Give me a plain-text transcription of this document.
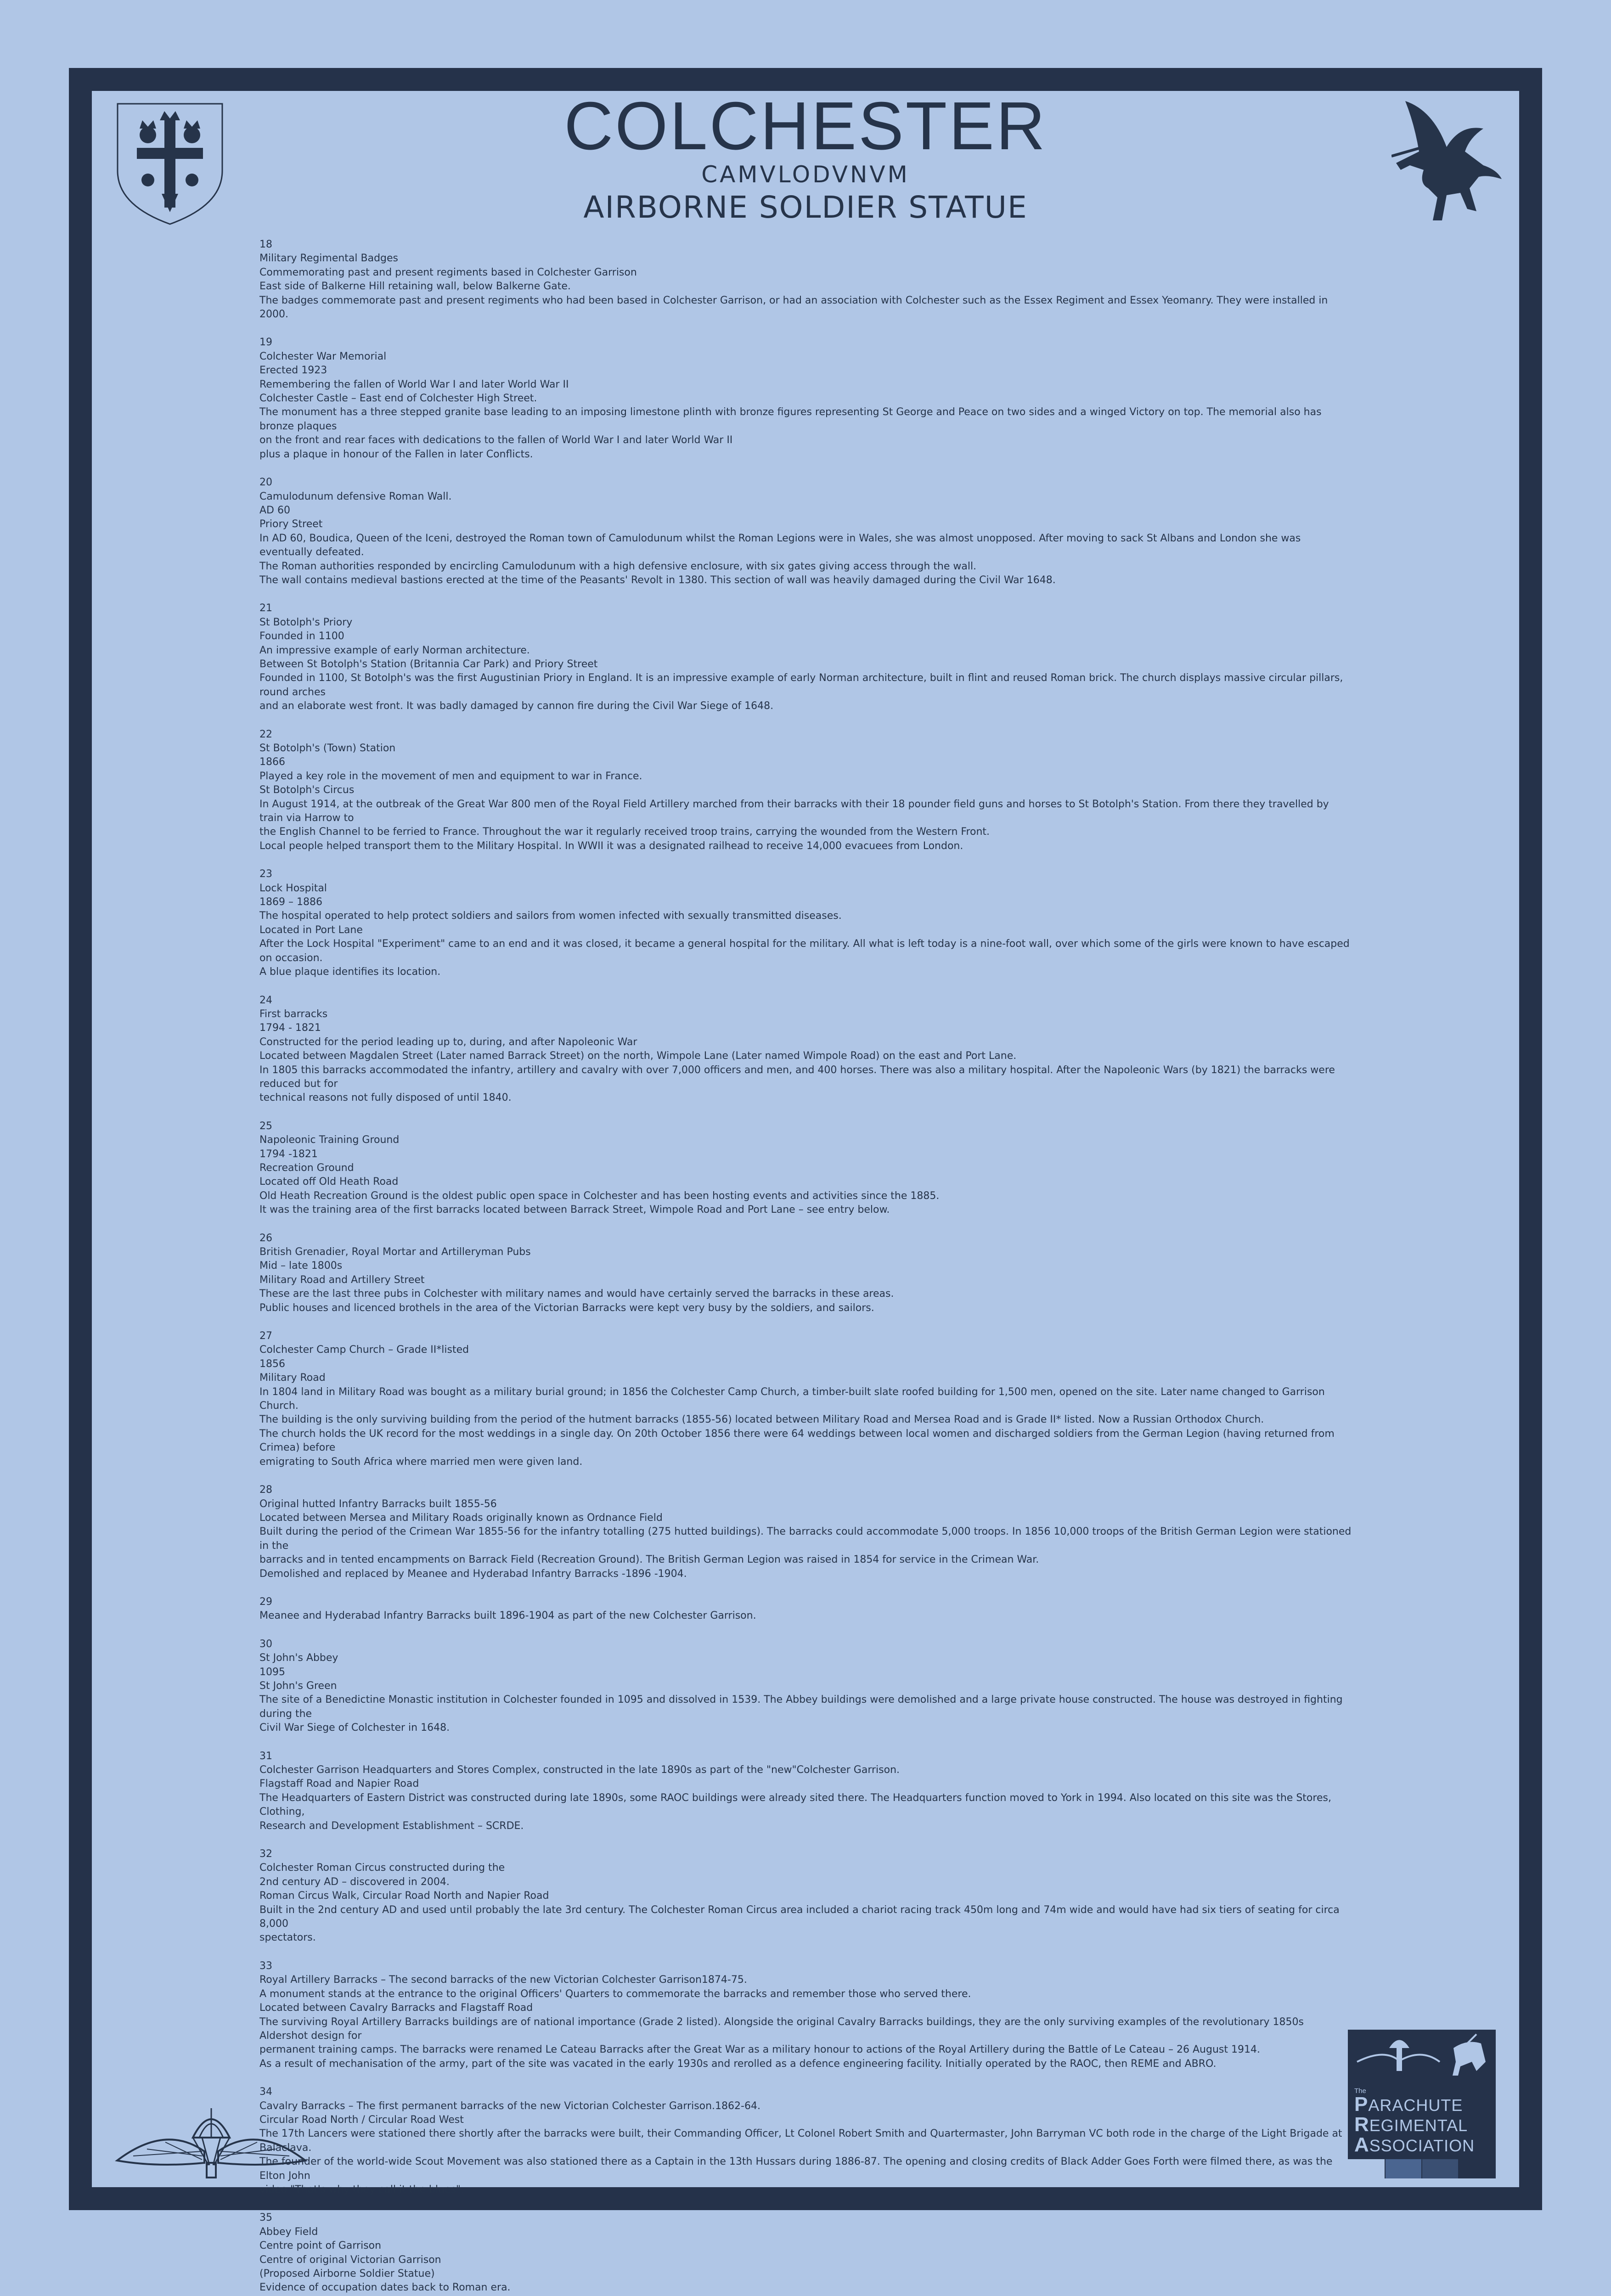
COLCHESTER
CAMVLODVNVM
AIRBORNE SOLDIER STATUE
18
Military Regimental Badges
Commemorating past and present regiments based in Colchester Garrison
East side of Balkerne Hill retaining wall, below Balkerne Gate.
The badges commemorate past and present regiments who had been based in Colchester Garrison, or had an association with Colchester such as the Essex Regiment and Essex Yeomanry. They were installed in 2000.
19
Colchester War Memorial
Erected 1923
Remembering the fallen of World War I and later World War II
Colchester Castle – East end of Colchester High Street.
The monument has a three stepped granite base leading to an imposing limestone plinth with bronze figures representing St George and Peace on two sides and a winged Victory on top. The memorial also has bronze plaques
on the front and rear faces with dedications to the fallen of World War I and later World War II
plus a plaque in honour of the Fallen in later Conflicts.
20
Camulodunum defensive Roman Wall.
AD 60
Priory Street
In AD 60, Boudica, Queen of the Iceni, destroyed the Roman town of Camulodunum whilst the Roman Legions were in Wales, she was almost unopposed. After moving to sack St Albans and London she was eventually defeated.
The Roman authorities responded by encircling Camulodunum with a high defensive enclosure, with six gates giving access through the wall.
The wall contains medieval bastions erected at the time of the Peasants' Revolt in 1380. This section of wall was heavily damaged during the Civil War 1648.
21
St Botolph's Priory
Founded in 1100
An impressive example of early Norman architecture.
Between St Botolph's Station (Britannia Car Park) and Priory Street
Founded in 1100, St Botolph's was the first Augustinian Priory in England. It is an impressive example of early Norman architecture, built in flint and reused Roman brick. The church displays massive circular pillars, round arches
and an elaborate west front. It was badly damaged by cannon fire during the Civil War Siege of 1648.
22
St Botolph's (Town) Station
1866
Played a key role in the movement of men and equipment to war in France.
St Botolph's Circus
In August 1914, at the outbreak of the Great War 800 men of the Royal Field Artillery marched from their barracks with their 18 pounder field guns and horses to St Botolph's Station. From there they travelled by train via Harrow to
the English Channel to be ferried to France. Throughout the war it regularly received troop trains, carrying the wounded from the Western Front.
Local people helped transport them to the Military Hospital. In WWII it was a designated railhead to receive 14,000 evacuees from London.
23
Lock Hospital
1869 – 1886
The hospital operated to help protect soldiers and sailors from women infected with sexually transmitted diseases.
Located in Port Lane
After the Lock Hospital "Experiment" came to an end and it was closed, it became a general hospital for the military. All what is left today is a nine-foot wall, over which some of the girls were known to have escaped on occasion.
A blue plaque identifies its location.
24
First barracks
1794 - 1821
Constructed for the period leading up to, during, and after Napoleonic War
Located between Magdalen Street (Later named Barrack Street) on the north, Wimpole Lane (Later named Wimpole Road) on the east and Port Lane.
In 1805 this barracks accommodated the infantry, artillery and cavalry with over 7,000 officers and men, and 400 horses. There was also a military hospital. After the Napoleonic Wars (by 1821) the barracks were reduced but for
technical reasons not fully disposed of until 1840.
25
Napoleonic Training Ground
1794 -1821
Recreation Ground
Located off Old Heath Road
Old Heath Recreation Ground is the oldest public open space in Colchester and has been hosting events and activities since the 1885.
It was the training area of the first barracks located between Barrack Street, Wimpole Road and Port Lane – see entry below.
26
British Grenadier, Royal Mortar and Artilleryman Pubs
Mid – late 1800s
Military Road and Artillery Street
These are the last three pubs in Colchester with military names and would have certainly served the barracks in these areas.
Public houses and licenced brothels in the area of the Victorian Barracks were kept very busy by the soldiers, and sailors.
27
Colchester Camp Church – Grade II*listed
1856
Military Road
In 1804 land in Military Road was bought as a military burial ground; in 1856 the Colchester Camp Church, a timber-built slate roofed building for 1,500 men, opened on the site. Later name changed to Garrison Church.
The building is the only surviving building from the period of the hutment barracks (1855-56) located between Military Road and Mersea Road and is Grade II* listed. Now a Russian Orthodox Church.
The church holds the UK record for the most weddings in a single day. On 20th October 1856 there were 64 weddings between local women and discharged soldiers from the German Legion (having returned from Crimea) before
emigrating to South Africa where married men were given land.
28
Original hutted Infantry Barracks built 1855-56
Located between Mersea and Military Roads originally known as Ordnance Field
Built during the period of the Crimean War 1855-56 for the infantry totalling (275 hutted buildings). The barracks could accommodate 5,000 troops. In 1856 10,000 troops of the British German Legion were stationed in the
barracks and in tented encampments on Barrack Field (Recreation Ground). The British German Legion was raised in 1854 for service in the Crimean War.
Demolished and replaced by Meanee and Hyderabad Infantry Barracks -1896 -1904.
29
Meanee and Hyderabad Infantry Barracks built 1896-1904 as part of the new Colchester Garrison.
30
St John's Abbey
1095
St John's Green
The site of a Benedictine Monastic institution in Colchester founded in 1095 and dissolved in 1539. The Abbey buildings were demolished and a large private house constructed. The house was destroyed in fighting during the
Civil War Siege of Colchester in 1648.
31
Colchester Garrison Headquarters and Stores Complex, constructed in the late 1890s as part of the "new"Colchester Garrison.
Flagstaff Road and Napier Road
The Headquarters of Eastern District was constructed during late 1890s, some RAOC buildings were already sited there. The Headquarters function moved to York in 1994. Also located on this site was the Stores, Clothing,
Research and Development Establishment – SCRDE.
32
Colchester Roman Circus constructed during the
2nd century AD – discovered in 2004.
Roman Circus Walk, Circular Road North and Napier Road
Built in the 2nd century AD and used until probably the late 3rd century. The Colchester Roman Circus area included a chariot racing track 450m long and 74m wide and would have had six tiers of seating for circa 8,000
spectators.
33
Royal Artillery Barracks – The second barracks of the new Victorian Colchester Garrison1874-75.
A monument stands at the entrance to the original Officers' Quarters to commemorate the barracks and remember those who served there.
Located between Cavalry Barracks and Flagstaff Road
The surviving Royal Artillery Barracks buildings are of national importance (Grade 2 listed). Alongside the original Cavalry Barracks buildings, they are the only surviving examples of the revolutionary 1850s Aldershot design for
permanent training camps. The barracks were renamed Le Cateau Barracks after the Great War as a military honour to actions of the Royal Artillery during the Battle of Le Cateau – 26 August 1914.
As a result of mechanisation of the army, part of the site was vacated in the early 1930s and rerolled as a defence engineering facility. Initially operated by the RAOC, then REME and ABRO.
34
Cavalry Barracks – The first permanent barracks of the new Victorian Colchester Garrison.1862-64.
Circular Road North / Circular Road West
The 17th Lancers were stationed there shortly after the barracks were built, their Commanding Officer, Lt Colonel Robert Smith and Quartermaster, John Barryman VC both rode in the charge of the Light Brigade at Balaclava.
The founder of the world-wide Scout Movement was also stationed there as a Captain in the 13th Hussars during 1886-87. The opening and closing credits of Black Adder Goes Forth were filmed there, as was the Elton John
video "That's why they call it the blues".
35
Abbey Field
Centre point of Garrison
Centre of original Victorian Garrison
(Proposed Airborne Soldier Statue)
Evidence of occupation dates back to Roman era.
The
PARACHUTE
REGIMENTAL
ASSOCIATION
